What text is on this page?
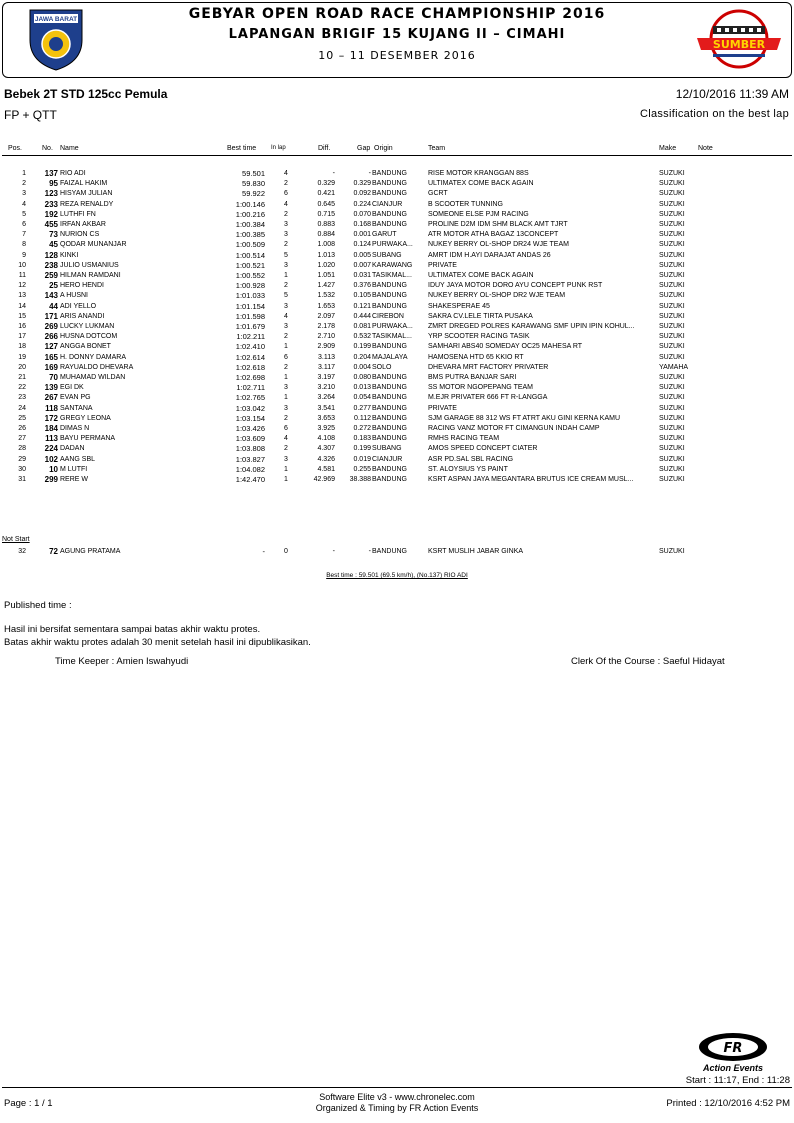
JAWA BARAT	GEBYAR OPEN ROAD RACE CHAMPIONSHIP 2016
LAPANGAN BRIGIF 15 KUJANG II – CIMAHI
10 – 11 DESEMBER 2016
SUMBER
Bebek 2T STD 125cc Pemula	12/10/2016 11:39 AM
FP + QTT	Classification on the best lap
Pos.	No. Name	Best time In lap	Diff.	Gap Origin	Team	Make	Note
1	137 RIO ADI	59.501	4	-	- BANDUNG	RISE MOTOR KRANGGAN 88S	SUZUKI
2	95 FAIZAL HAKIM	59.830	2	0.329	0.329 BANDUNG	ULTIMATEX COME BACK AGAIN	SUZUKI
3	123 HISYAM JULIAN	59.922	6	0.421	0.092 BANDUNG	GCRT	SUZUKI
4	233 REZA RENALDY	1:00.146	4	0.645	0.224 CIANJUR	B SCOOTER TUNNING	SUZUKI
5	192 LUTHFI FN	1:00.216	2	0.715	0.070 BANDUNG	SOMEONE ELSE PJM RACING	SUZUKI
6	455 IRFAN AKBAR	1:00.384	3	0.883	0.168 BANDUNG	PROLINE D2M IDM SHM BLACK AMT TJRT	SUZUKI
7	73 NURION CS	1:00.385	3	0.884	0.001 GARUT	ATR MOTOR ATHA BAGAZ 13CONCEPT	SUZUKI
8	45 QODAR MUNANJAR	1:00.509	2	1.008	0.124 PURWAKA...	NUKEY BERRY OL-SHOP DR24 WJE TEAM	SUZUKI
9	128 KINKI	1:00.514	5	1.013	0.005 SUBANG	AMRT IDM H.AYI DARAJAT ANDAS 26	SUZUKI
10	238 JULIO USMANIUS	1:00.521	3	1.020	0.007 KARAWANG	PRIVATE	SUZUKI
11	259 HILMAN RAMDANI	1:00.552	1	1.051	0.031 TASIKMAL...	ULTIMATEX COME BACK AGAIN	SUZUKI
12	25 HERO HENDI	1:00.928	2	1.427	0.376 BANDUNG	IDUY JAYA MOTOR DORO AYU CONCEPT PUNK RST	SUZUKI
13	143 A HUSNI	1:01.033	5	1.532	0.105 BANDUNG	NUKEY BERRY OL-SHOP DR2 WJE TEAM	SUZUKI
14	44 ADI YELLO	1:01.154	3	1.653	0.121 BANDUNG	SHAKESPERAE 45	SUZUKI
15	171 ARIS ANANDI	1:01.598	4	2.097	0.444 CIREBON	SAKRA CV.LELE TIRTA PUSAKA	SUZUKI
16	269 LUCKY LUKMAN	1:01.679	3	2.178	0.081 PURWAKA...	ZMRT DREGED POLRES KARAWANG SMF UPIN IPIN KOHUL...	SUZUKI
17	266 HUSNA DOTCOM	1:02.211	2	2.710	0.532 TASIKMAL...	YRP SCOOTER RACING TASIK	SUZUKI
18	127 ANGGA BONET	1:02.410	1	2.909	0.199 BANDUNG	SAMHARI ABS40 SOMEDAY OC25 MAHESA RT	SUZUKI
19	165 H. DONNY DAMARA	1:02.614	6	3.113	0.204 MAJALAYA	HAMOSENA HTD 65 KKIO RT	SUZUKI
20	169 RAYUALDO DHEVARA	1:02.618	2	3.117	0.004 SOLO	DHEVARA MRT FACTORY PRIVATER	YAMAHA
21	70 MUHAMAD WILDAN	1:02.698	1	3.197	0.080 BANDUNG	BMS PUTRA BANJAR SARI	SUZUKI
22	139 EGI DK	1:02.711	3	3.210	0.013 BANDUNG	SS MOTOR NGOPEPANG TEAM	SUZUKI
23	267 EVAN PG	1:02.765	1	3.264	0.054 BANDUNG	M.EJR PRIVATER 666 FT R-LANGGA	SUZUKI
24	118 SANTANA	1:03.042	3	3.541	0.277 BANDUNG	PRIVATE	SUZUKI
25	172 GREGY LEONA	1:03.154	2	3.653	0.112 BANDUNG	SJM GARAGE 88 312 WS FT ATRT AKU GINI KERNA KAMU	SUZUKI
26	184 DIMAS N	1:03.426	6	3.925	0.272 BANDUNG	RACING VANZ MOTOR FT CIMANGUN INDAH CAMP	SUZUKI
27	113 BAYU PERMANA	1:03.609	4	4.108	0.183 BANDUNG	RMHS RACING TEAM	SUZUKI
28	224 DADAN	1:03.808	2	4.307	0.199 SUBANG	AMOS SPEED CONCEPT CIATER	SUZUKI
29	102 AANG SBL	1:03.827	3	4.326	0.019 CIANJUR	ASR PD.SAL SBL RACING	SUZUKI
30	10 M LUTFI	1:04.082	1	4.581	0.255 BANDUNG	ST. ALOYSIUS YS PAINT	SUZUKI
31	299 RERE W	1:42.470	1	42.969	38.388 BANDUNG	KSRT ASPAN JAYA MEGANTARA BRUTUS ICE CREAM MUSL...	SUZUKI
Not Start
32	72 AGUNG PRATAMA	-	0	-	- BANDUNG	KSRT MUSLIH JABAR GINKA	SUZUKI
Best time : 59.501 (69.5 km/h), (No.137) RIO ADI
Published time :
Hasil ini bersifat sementara sampai batas akhir waktu protes.
Batas akhir waktu protes adalah 30 menit setelah hasil ini dipublikasikan.
Time Keeper : Amien Iswahyudi	Clerk Of the Course : Saeful Hidayat
FR
Action Events
Start : 11:17, End : 11:28
Page : 1 / 1
Software Elite v3 - www.chronelec.com
Organized & Timing by FR Action Events	Printed : 12/10/2016 4:52 PM
